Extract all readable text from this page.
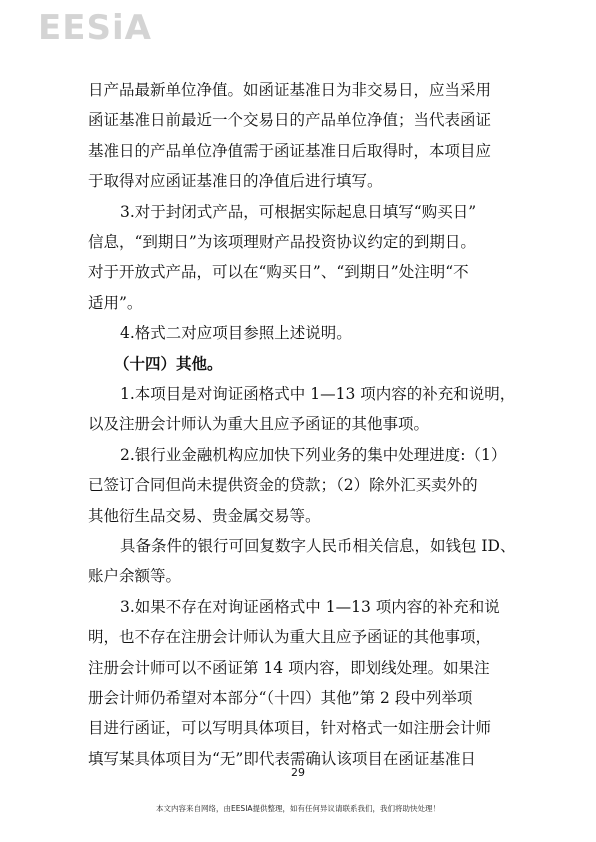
EESiA
日产品最新单位净值。如函证基准日为非交易日，应当采用
函证基准日前最近一个交易日的产品单位净值；当代表函证
基准日的产品单位净值需于函证基准日后取得时，本项目应
于取得对应函证基准日的净值后进行填写。
3.对于封闭式产品，可根据实际起息日填写“购买日”
信息，“到期日”为该项理财产品投资协议约定的到期日。
对于开放式产品，可以在“购买日”、“到期日”处注明“不
适用”。
4.格式二对应项目参照上述说明。
（十四）其他。
1.本项目是对询证函格式中 1—13 项内容的补充和说明，
以及注册会计师认为重大且应予函证的其他事项。
2.银行业金融机构应加快下列业务的集中处理进度:（1）
已签订合同但尚未提供资金的贷款；（2）除外汇买卖外的
其他衍生品交易、贵金属交易等。
具备条件的银行可回复数字人民币相关信息，如钱包 ID、
账户余额等。
3.如果不存在对询证函格式中 1—13 项内容的补充和说
明，也不存在注册会计师认为重大且应予函证的其他事项，
注册会计师可以不函证第 14 项内容，即划线处理。如果注
册会计师仍希望对本部分“（十四）其他”第 2 段中列举项
目进行函证，可以写明具体项目，针对格式一如注册会计师
填写某具体项目为“无”即代表需确认该项目在函证基准日
29
本文内容来自网络，由EESIA提供整理，如有任何异议请联系我们，我们将助快处理！
